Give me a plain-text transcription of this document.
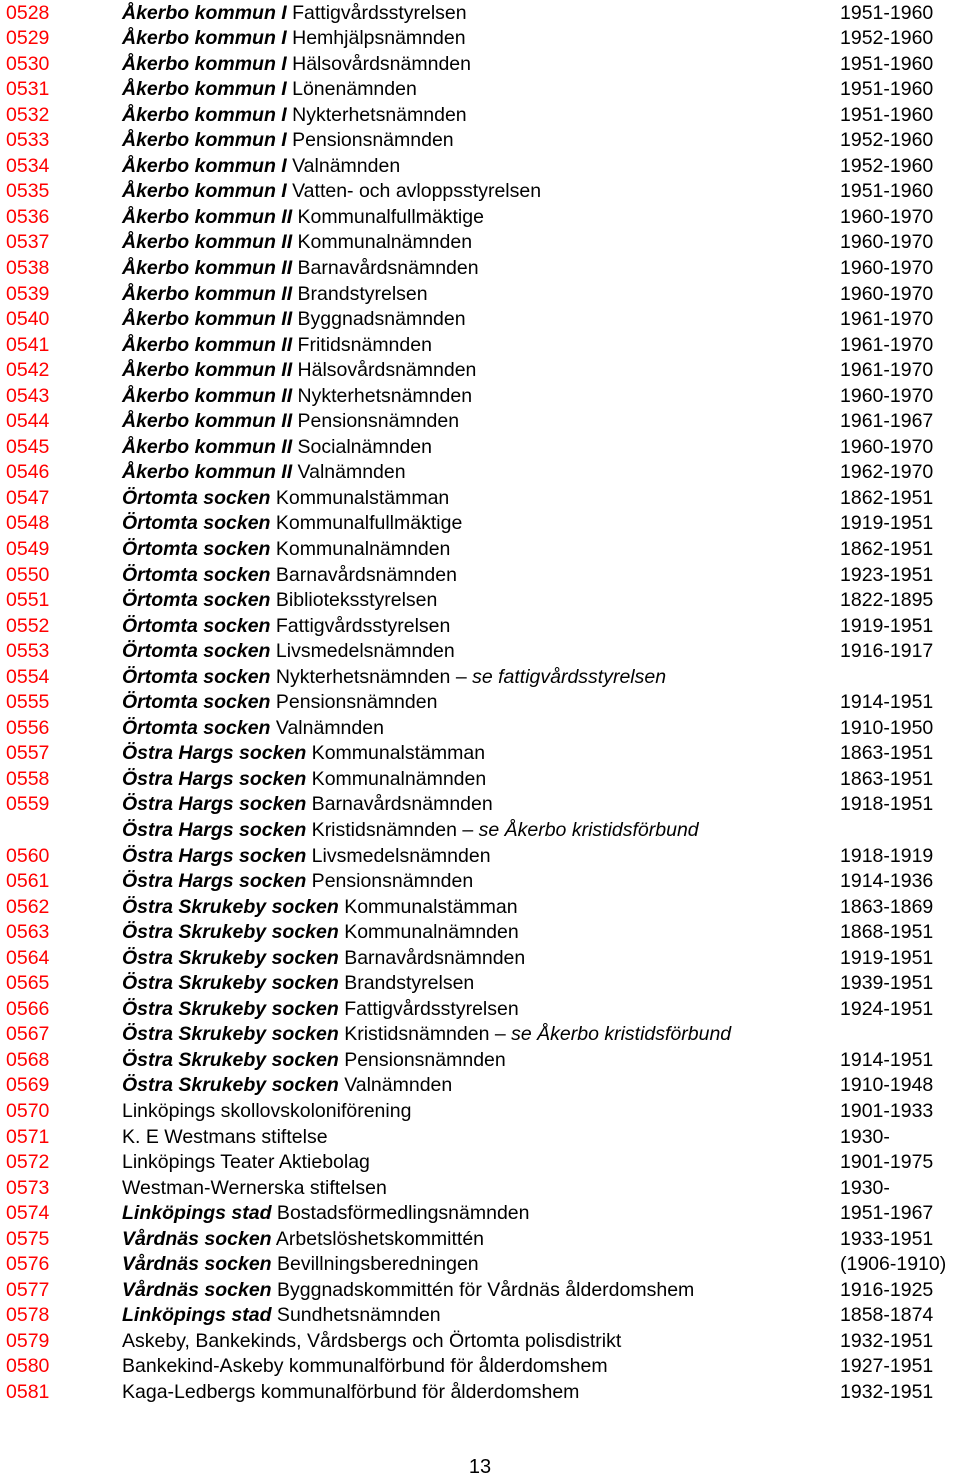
0528	Åkerbo kommun I Fattigvårdsstyrelsen	1951-1960
0529	Åkerbo kommun I Hemhjälpsnämnden	1952-1960
0530	Åkerbo kommun I Hälsovårdsnämnden	1951-1960
0531	Åkerbo kommun I Lönenämnden	1951-1960
0532	Åkerbo kommun I Nykterhetsnämnden	1951-1960
0533	Åkerbo kommun I Pensionsnämnden	1952-1960
0534	Åkerbo kommun I Valnämnden	1952-1960
0535	Åkerbo kommun I Vatten- och avloppsstyrelsen	1951-1960
0536	Åkerbo kommun II Kommunalfullmäktige	1960-1970
0537	Åkerbo kommun II Kommunalnämnden	1960-1970
0538	Åkerbo kommun II Barnavårdsnämnden	1960-1970
0539	Åkerbo kommun II Brandstyrelsen	1960-1970
0540	Åkerbo kommun II Byggnadsnämnden	1961-1970
0541	Åkerbo kommun II Fritidsnämnden	1961-1970
0542	Åkerbo kommun II Hälsovårdsnämnden	1961-1970
0543	Åkerbo kommun II Nykterhetsnämnden	1960-1970
0544	Åkerbo kommun II Pensionsnämnden	1961-1967
0545	Åkerbo kommun II Socialnämnden	1960-1970
0546	Åkerbo kommun II Valnämnden	1962-1970
0547	Örtomta socken Kommunalstämman	1862-1951
0548	Örtomta socken Kommunalfullmäktige	1919-1951
0549	Örtomta socken Kommunalnämnden	1862-1951
0550	Örtomta socken Barnavårdsnämnden	1923-1951
0551	Örtomta socken Biblioteksstyrelsen	1822-1895
0552	Örtomta socken Fattigvårdsstyrelsen	1919-1951
0553	Örtomta socken Livsmedelsnämnden	1916-1917
0554	Örtomta socken Nykterhetsnämnden – se fattigvårdsstyrelsen
0555	Örtomta socken Pensionsnämnden	1914-1951
0556	Örtomta socken Valnämnden	1910-1950
0557	Östra Hargs socken Kommunalstämman	1863-1951
0558	Östra Hargs socken Kommunalnämnden	1863-1951
0559	Östra Hargs socken Barnavårdsnämnden	1918-1951
Östra Hargs socken Kristidsnämnden – se Åkerbo kristidsförbund
0560	Östra Hargs socken Livsmedelsnämnden	1918-1919
0561	Östra Hargs socken Pensionsnämnden	1914-1936
0562	Östra Skrukeby socken Kommunalstämman	1863-1869
0563	Östra Skrukeby socken Kommunalnämnden	1868-1951
0564	Östra Skrukeby socken Barnavårdsnämnden	1919-1951
0565	Östra Skrukeby socken Brandstyrelsen	1939-1951
0566	Östra Skrukeby socken Fattigvårdsstyrelsen	1924-1951
0567	Östra Skrukeby socken Kristidsnämnden – se Åkerbo kristidsförbund
0568	Östra Skrukeby socken Pensionsnämnden	1914-1951
0569	Östra Skrukeby socken Valnämnden	1910-1948
0570	Linköpings skollovskoloniförening	1901-1933
0571	K. E Westmans stiftelse	1930-
0572	Linköpings Teater Aktiebolag	1901-1975
0573	Westman-Wernerska stiftelsen	1930-
0574	Linköpings stad Bostadsförmedlingsnämnden	1951-1967
0575	Vårdnäs socken Arbetslöshetskommittén	1933-1951
0576	Vårdnäs socken Bevillningsberedningen	(1906-1910)
0577	Vårdnäs socken Byggnadskommittén för Vårdnäs ålderdomshem	1916-1925
0578	Linköpings stad Sundhetsnämnden	1858-1874
0579	Askeby, Bankekinds, Vårdsbergs och Örtomta polisdistrikt	1932-1951
0580	Bankekind-Askeby kommunalförbund för ålderdomshem	1927-1951
0581	Kaga-Ledbergs kommunalförbund för ålderdomshem	1932-1951
13
